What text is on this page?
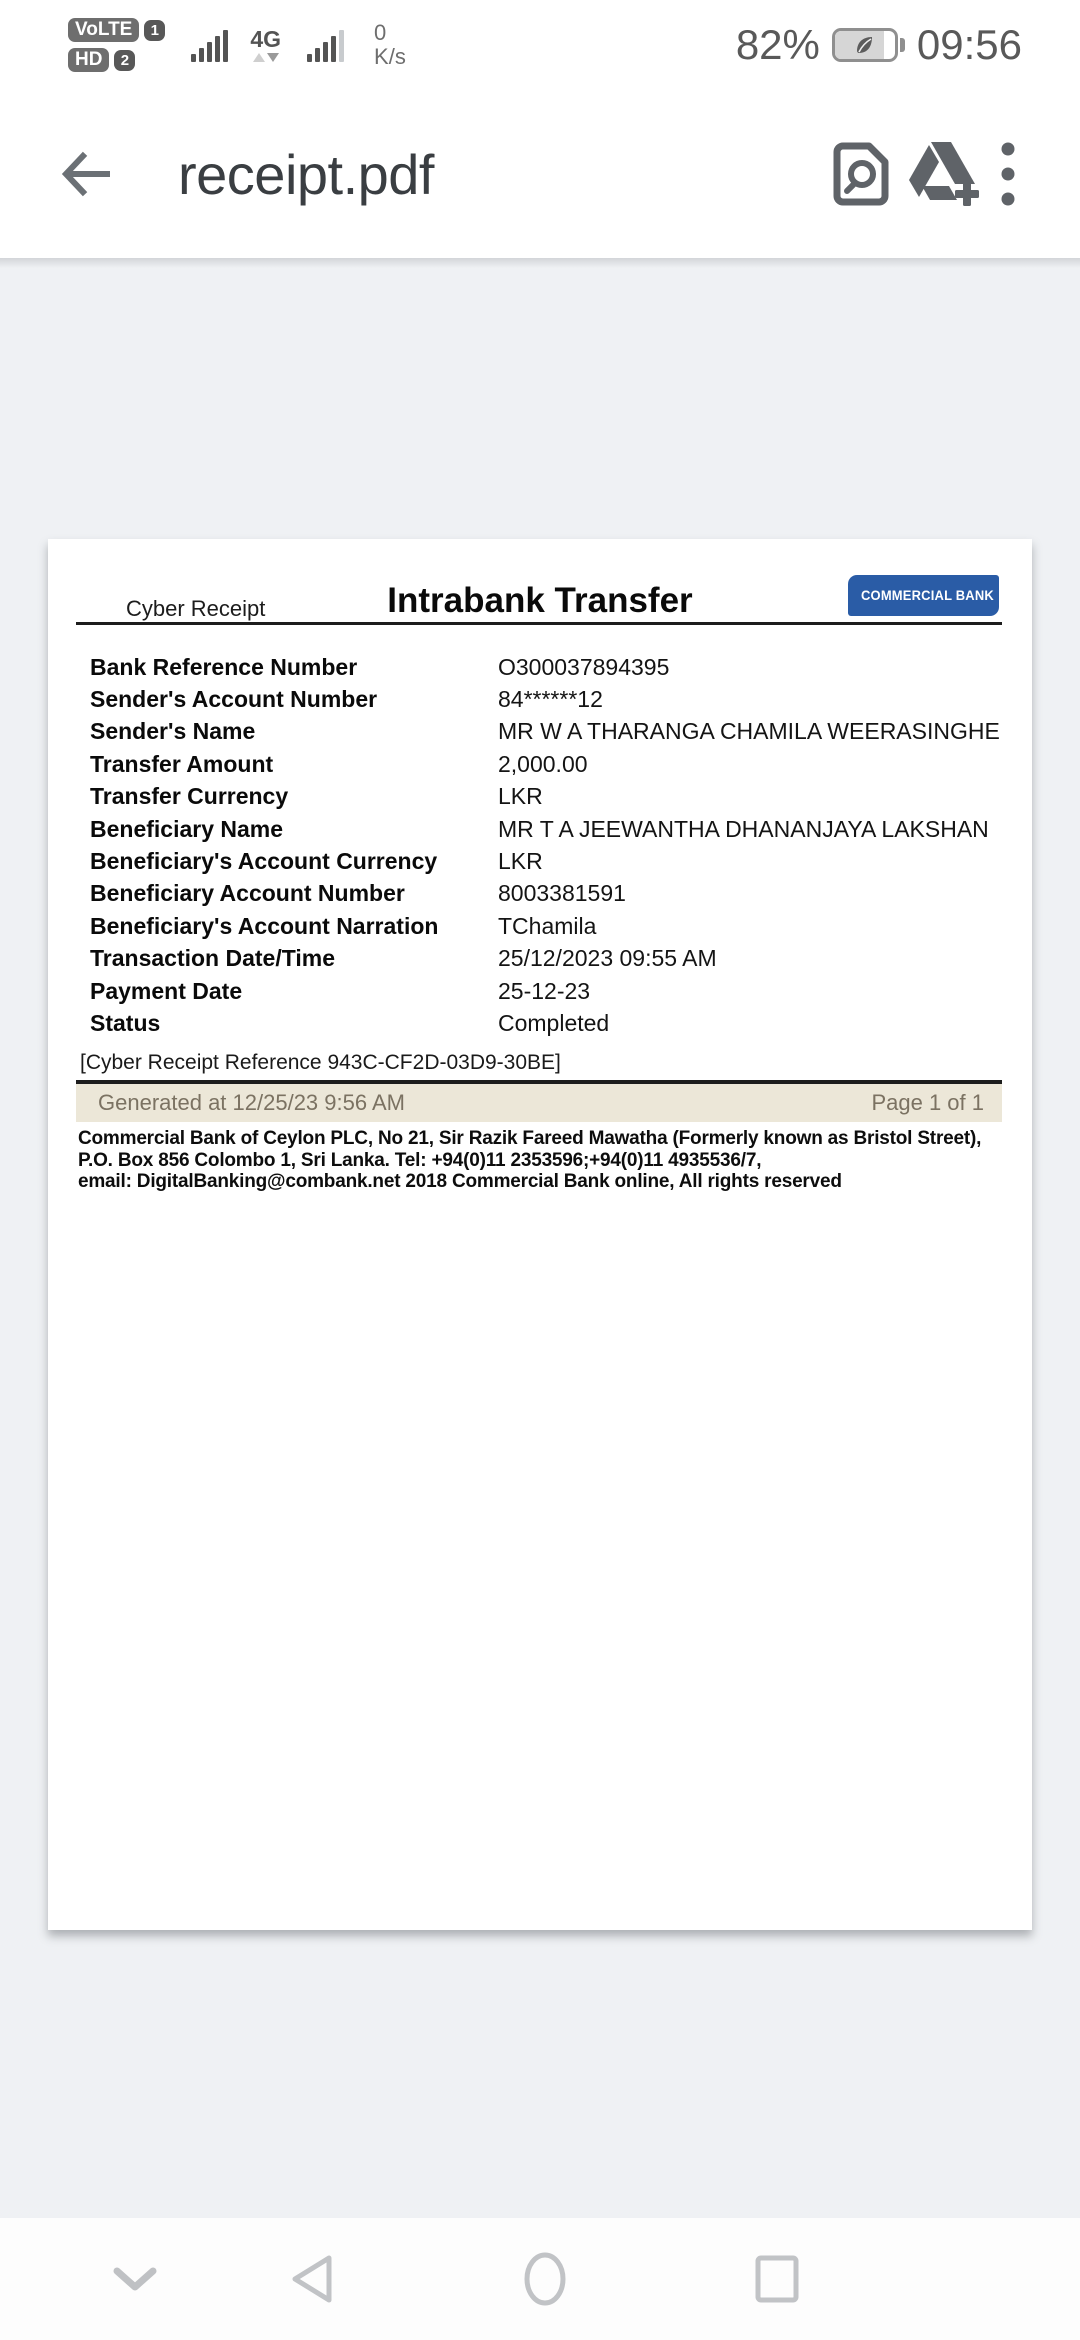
VoLTE	1
HD	2
4G	0
K/s	82% 09:56
receipt.pdf
Cyber Receipt	Intrabank Transfer	COMMERCIAL BANK
Bank Reference Number	O300037894395
Sender's Account Number	84******12
Sender's Name	MR W A THARANGA CHAMILA WEERASINGHE
Transfer Amount	2,000.00
Transfer Currency	LKR
Beneficiary Name	MR T A JEEWANTHA DHANANJAYA LAKSHAN
Beneficiary's Account Currency	LKR
Beneficiary Account Number	8003381591
Beneficiary's Account Narration	TChamila
Transaction Date/Time	25/12/2023 09:55 AM
Payment Date	25-12-23
Status	Completed
[Cyber Receipt Reference 943C-CF2D-03D9-30BE]
Generated at 12/25/23 9:56 AM	Page 1 of 1
Commercial Bank of Ceylon PLC, No 21, Sir Razik Fareed Mawatha (Formerly known as Bristol Street),
P.O. Box 856 Colombo 1, Sri Lanka. Tel: +94(0)11 2353596;+94(0)11 4935536/7,
email: DigitalBanking@combank.net 2018 Commercial Bank online, All rights reserved
